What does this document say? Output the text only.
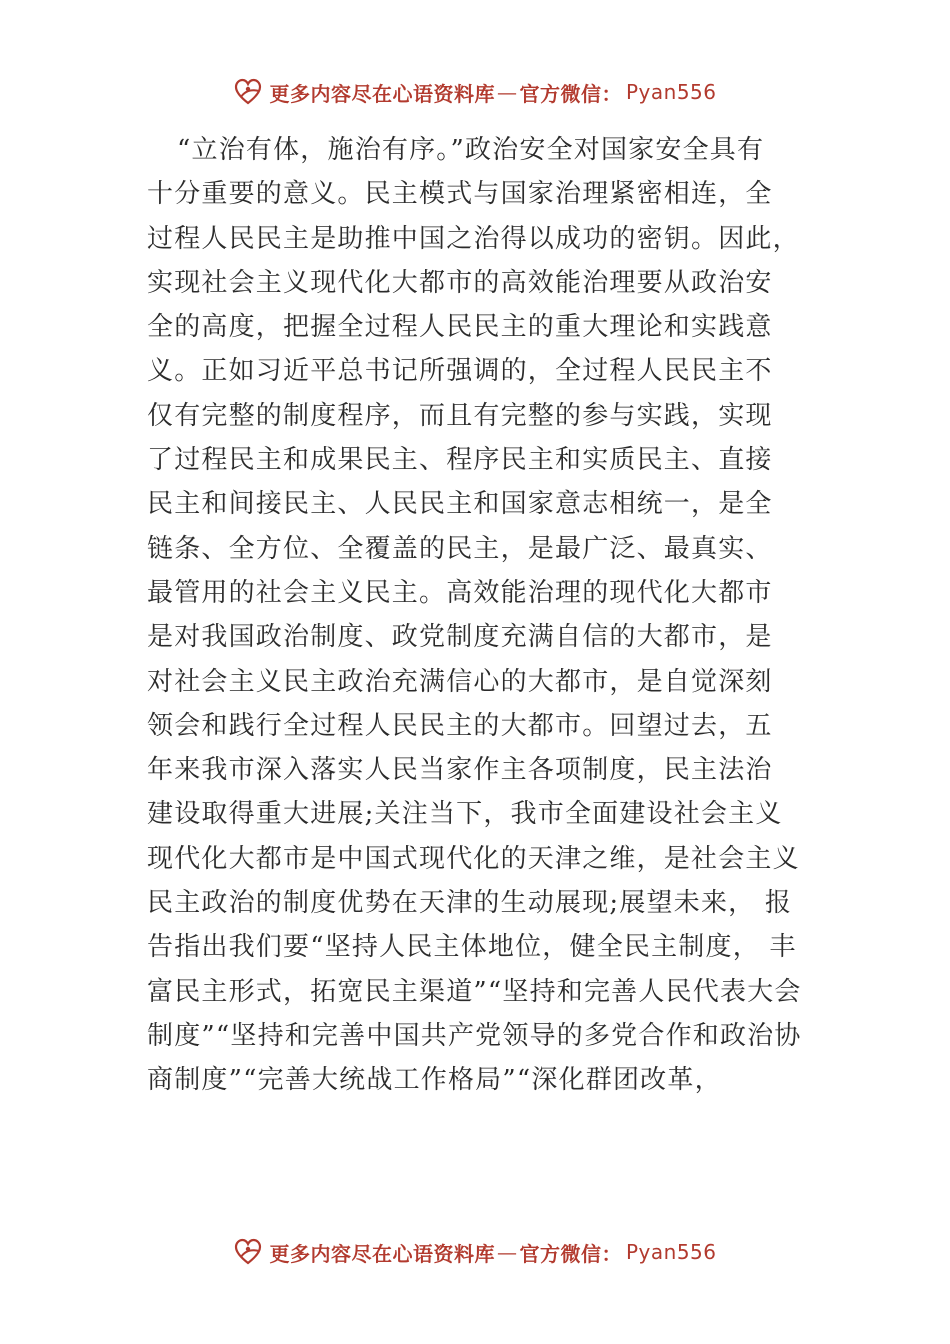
更多内容尽在心语资料库 — 官方微信： Pyan556
“立治有体，施治有序。”政治安全对国家安全具有
十分重要的意义。民主模式与国家治理紧密相连，全
过程人民民主是助推中国之治得以成功的密钥。因此，
实现社会主义现代化大都市的高效能治理要从政治安
全的高度，把握全过程人民民主的重大理论和实践意
义。正如习近平总书记所强调的，全过程人民民主不
仅有完整的制度程序，而且有完整的参与实践，实现
了过程民主和成果民主、程序民主和实质民主、直接
民主和间接民主、人民民主和国家意志相统一，是全
链条、全方位、全覆盖的民主，是最广泛、最真实、
最管用的社会主义民主。高效能治理的现代化大都市
是对我国政治制度、政党制度充满自信的大都市，是
对社会主义民主政治充满信心的大都市，是自觉深刻
领会和践行全过程人民民主的大都市。回望过去，五
年来我市深入落实人民当家作主各项制度，民主法治
建设取得重大进展;关注当下，我市全面建设社会主义
现代化大都市是中国式现代化的天津之维，是社会主义
民主政治的制度优势在天津的生动展现;展望未来， 报
告指出我们要“坚持人民主体地位，健全民主制度， 丰
富民主形式，拓宽民主渠道”“坚持和完善人民代表大会
制度”“坚持和完善中国共产党领导的多党合作和政治协
商制度”“完善大统战工作格局”“深化群团改革，
更多内容尽在心语资料库 — 官方微信： Pyan556
